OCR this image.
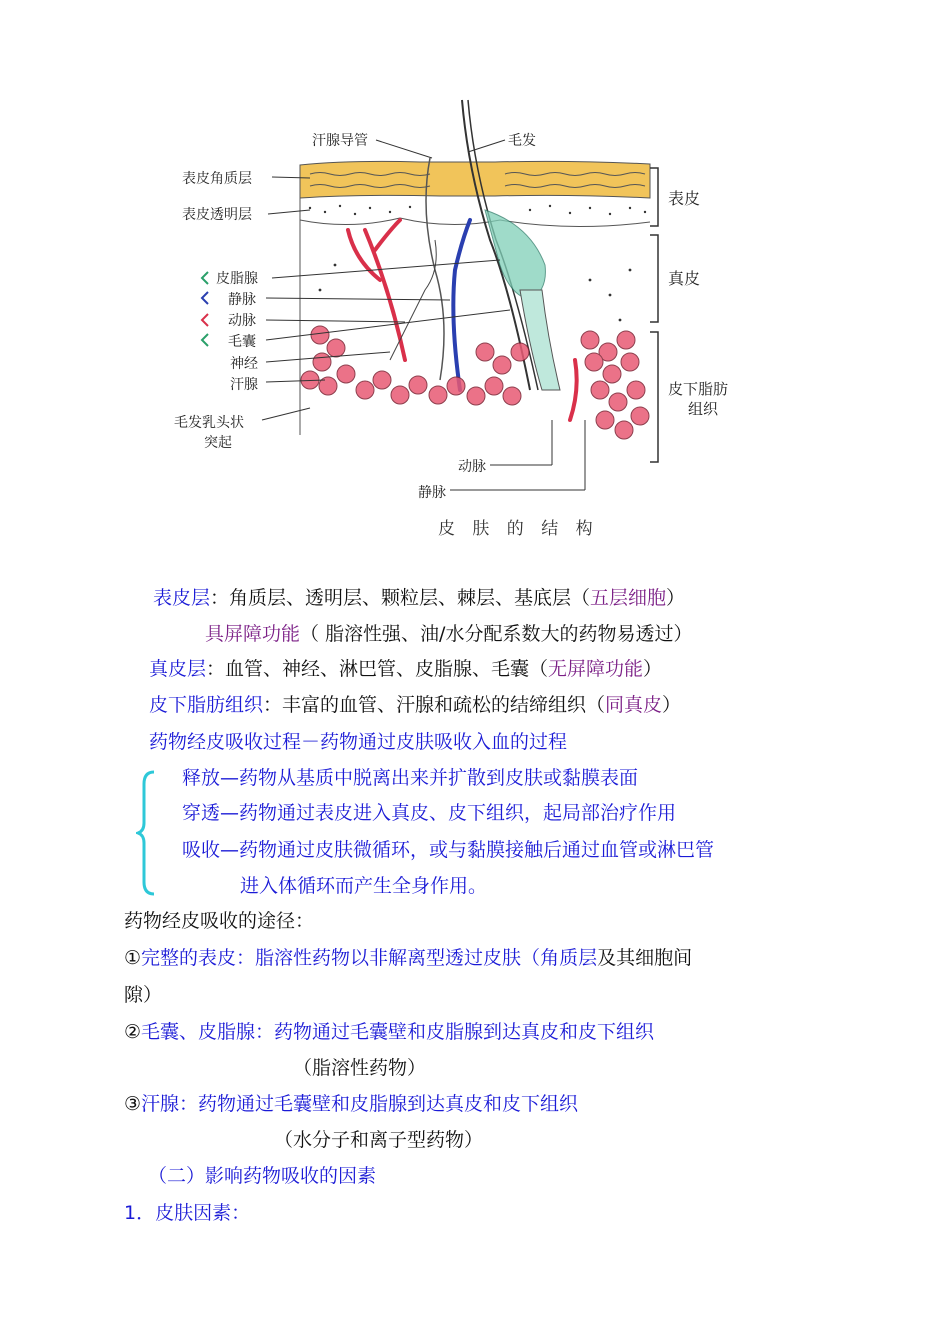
汗腺导管	毛发
表皮角质层
表皮透明层
皮脂腺
静脉
动脉
毛囊
神经
汗腺
毛发乳头状
突起
表皮
真皮
皮下脂肪
组织
动脉
静脉
皮 肤 的 结 构
表皮层：角质层、透明层、颗粒层、棘层、基底层（五层细胞）
具屏障功能（ 脂溶性强、油/水分配系数大的药物易透过）
真皮层：血管、神经、淋巴管、皮脂腺、毛囊（无屏障功能）
皮下脂肪组织：丰富的血管、汗腺和疏松的结缔组织（同真皮）
药物经皮吸收过程－药物通过皮肤吸收入血的过程
释放—药物从基质中脱离出来并扩散到皮肤或黏膜表面
穿透—药物通过表皮进入真皮、皮下组织，起局部治疗作用
吸收—药物通过皮肤微循环，或与黏膜接触后通过血管或淋巴管
进入体循环而产生全身作用。
药物经皮吸收的途径：
①完整的表皮：脂溶性药物以非解离型透过皮肤（角质层及其细胞间
隙）
②毛囊、皮脂腺：药物通过毛囊壁和皮脂腺到达真皮和皮下组织
（脂溶性药物）
③汗腺：药物通过毛囊壁和皮脂腺到达真皮和皮下组织
（水分子和离子型药物）
（二）影响药物吸收的因素
1．皮肤因素：
